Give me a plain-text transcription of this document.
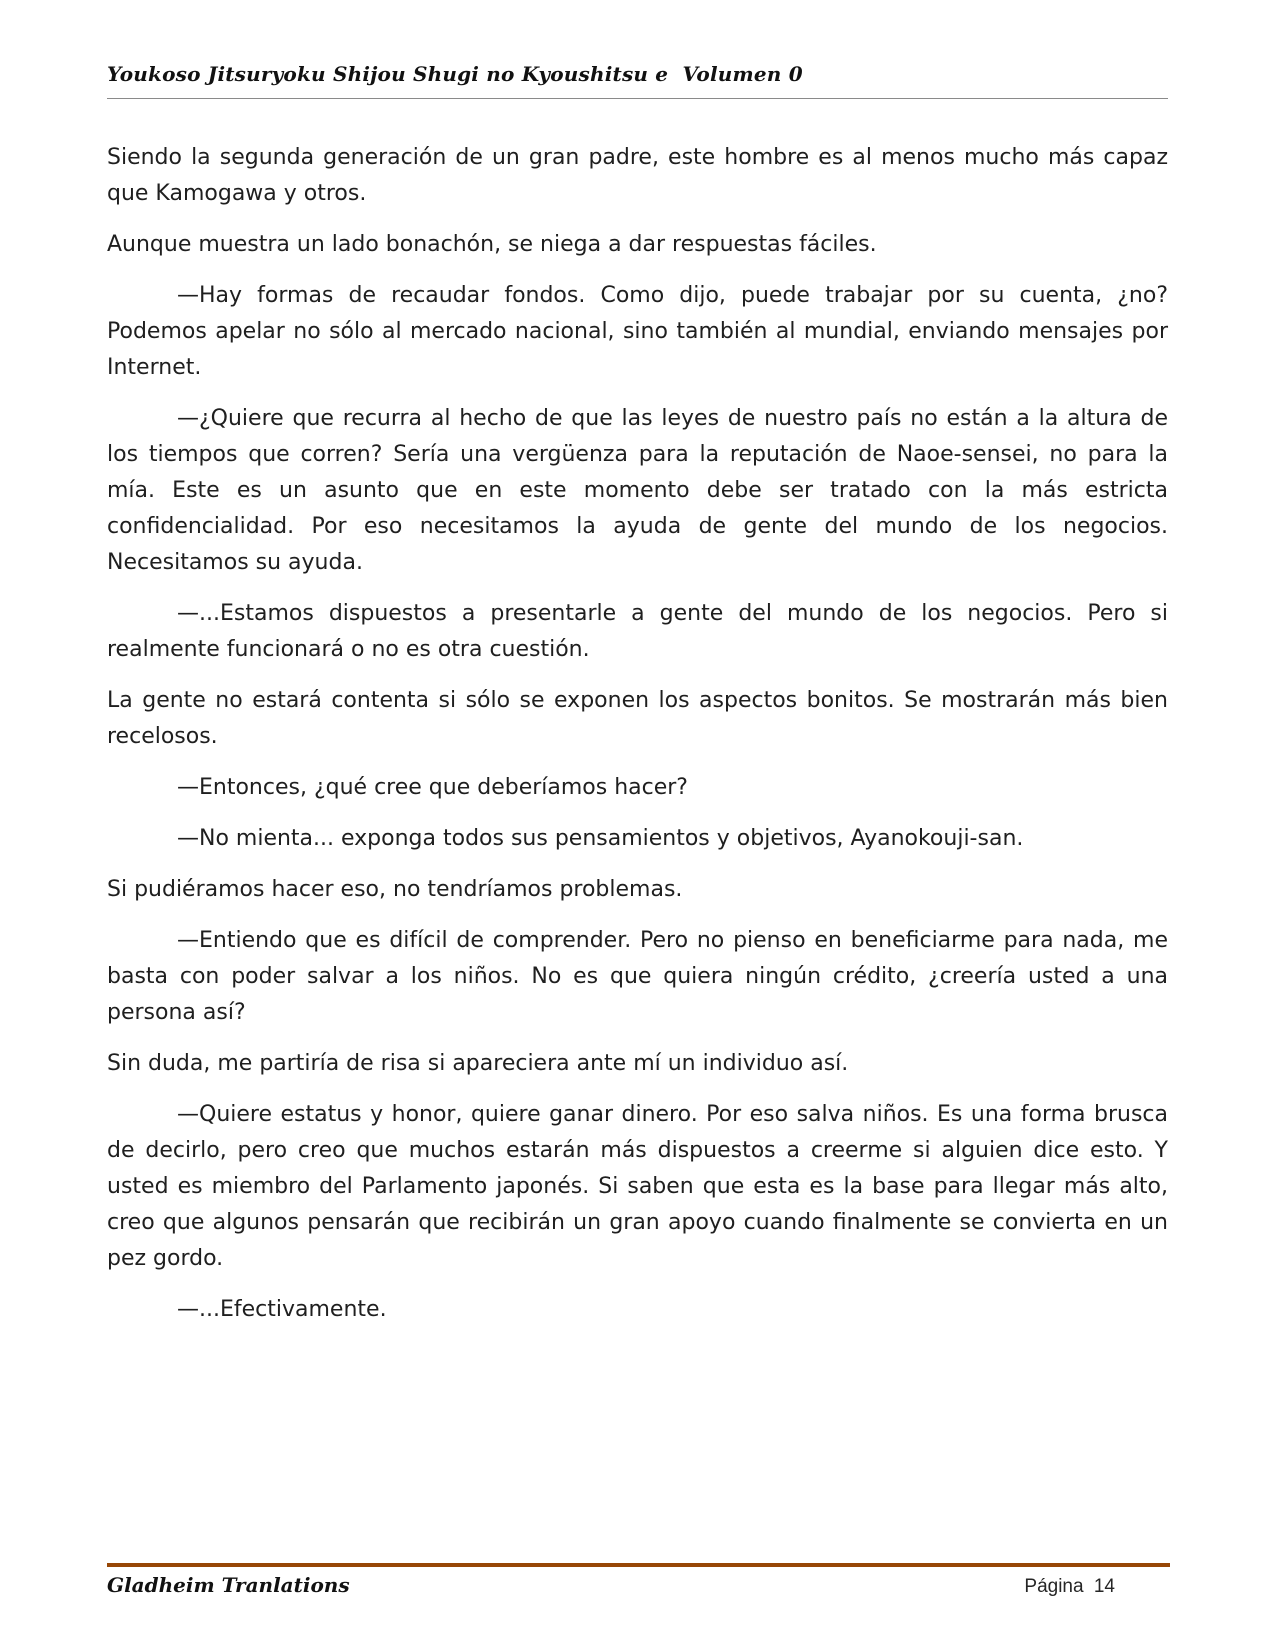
Youkoso Jitsuryoku Shijou Shugi no Kyoushitsu e  Volumen 0

Siendo la segunda generación de un gran padre, este hombre es al menos mucho más capaz que Kamogawa y otros.

Aunque muestra un lado bonachón, se niega a dar respuestas fáciles.

—Hay formas de recaudar fondos. Como dijo, puede trabajar por su cuenta, ¿no? Podemos apelar no sólo al mercado nacional, sino también al mundial, enviando mensajes por Internet.

—¿Quiere que recurra al hecho de que las leyes de nuestro país no están a la altura de los tiempos que corren? Sería una vergüenza para la reputación de Naoe-sensei, no para la mía. Este es un asunto que en este momento debe ser tratado con la más estricta confidencialidad. Por eso necesitamos la ayuda de gente del mundo de los negocios. Necesitamos su ayuda.

—...Estamos dispuestos a presentarle a gente del mundo de los negocios. Pero si realmente funcionará o no es otra cuestión.

La gente no estará contenta si sólo se exponen los aspectos bonitos. Se mostrarán más bien recelosos.

—Entonces, ¿qué cree que deberíamos hacer?

—No mienta... exponga todos sus pensamientos y objetivos, Ayanokouji-san.

Si pudiéramos hacer eso, no tendríamos problemas.

—Entiendo que es difícil de comprender. Pero no pienso en beneficiarme para nada, me basta con poder salvar a los niños. No es que quiera ningún crédito, ¿creería usted a una persona así?

Sin duda, me partiría de risa si apareciera ante mí un individuo así.

—Quiere estatus y honor, quiere ganar dinero. Por eso salva niños. Es una forma brusca de decirlo, pero creo que muchos estarán más dispuestos a creerme si alguien dice esto. Y usted es miembro del Parlamento japonés. Si saben que esta es la base para llegar más alto, creo que algunos pensarán que recibirán un gran apoyo cuando finalmente se convierta en un pez gordo.

—...Efectivamente.

Gladheim Tranlations	Página 14
